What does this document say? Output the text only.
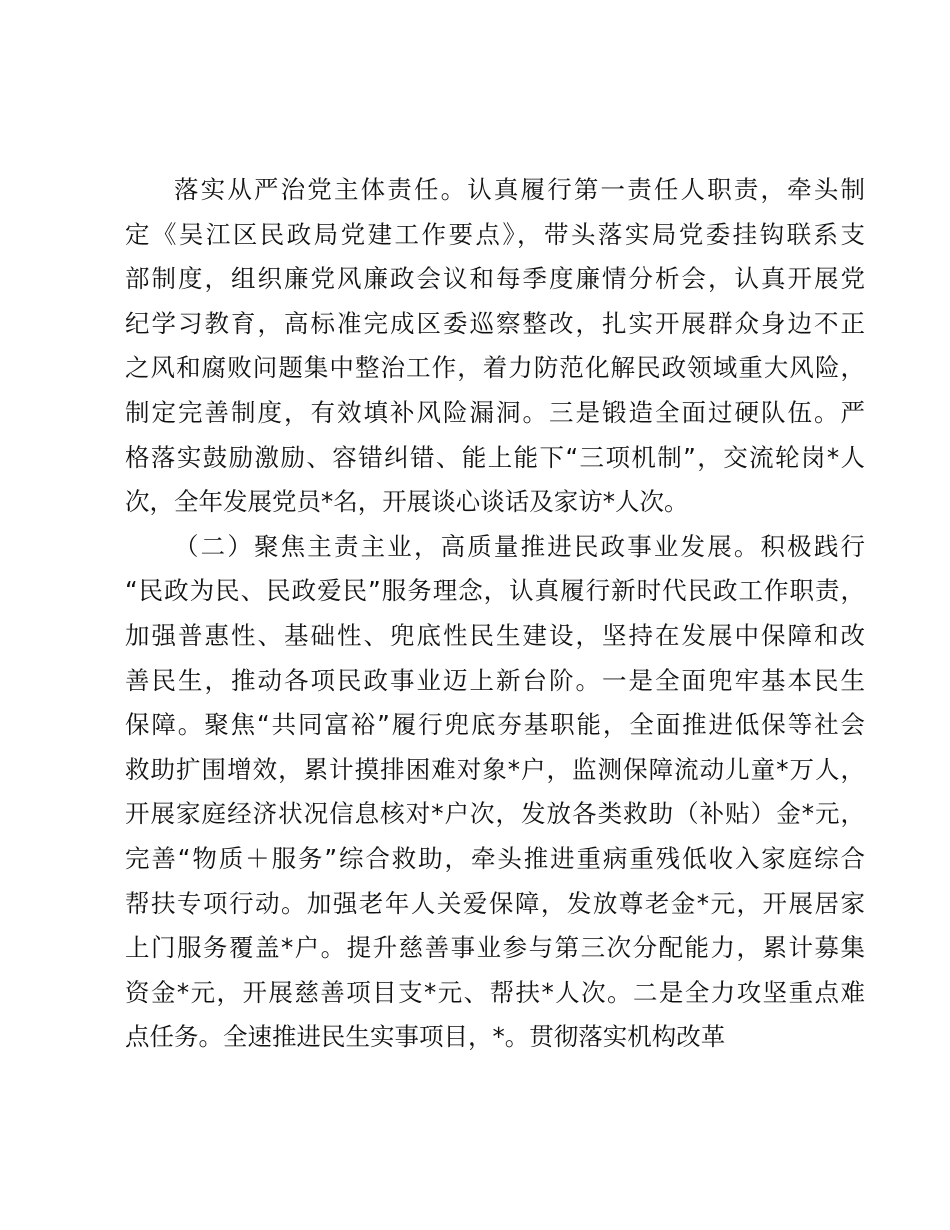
落实从严治党主体责任。认真履行第一责任人职责，牵头制
定《吴江区民政局党建工作要点》，带头落实局党委挂钩联系支
部制度，组织廉党风廉政会议和每季度廉情分析会，认真开展党
纪学习教育，高标准完成区委巡察整改，扎实开展群众身边不正
之风和腐败问题集中整治工作，着力防范化解民政领域重大风险，
制定完善制度，有效填补风险漏洞。三是锻造全面过硬队伍。严
格落实鼓励激励、容错纠错、能上能下“三项机制”，交流轮岗*人
次，全年发展党员*名，开展谈心谈话及家访*人次。
（二）聚焦主责主业，高质量推进民政事业发展。积极践行
“民政为民、民政爱民”服务理念，认真履行新时代民政工作职责，
加强普惠性、基础性、兜底性民生建设，坚持在发展中保障和改
善民生，推动各项民政事业迈上新台阶。一是全面兜牢基本民生
保障。聚焦“共同富裕”履行兜底夯基职能，全面推进低保等社会
救助扩围增效，累计摸排困难对象*户，监测保障流动儿童*万人，
开展家庭经济状况信息核对*户次，发放各类救助（补贴）金*元，
完善“物质＋服务”综合救助，牵头推进重病重残低收入家庭综合
帮扶专项行动。加强老年人关爱保障，发放尊老金*元，开展居家
上门服务覆盖*户。提升慈善事业参与第三次分配能力，累计募集
资金*元，开展慈善项目支*元、帮扶*人次。二是全力攻坚重点难
点任务。全速推进民生实事项目，*。贯彻落实机构改革
